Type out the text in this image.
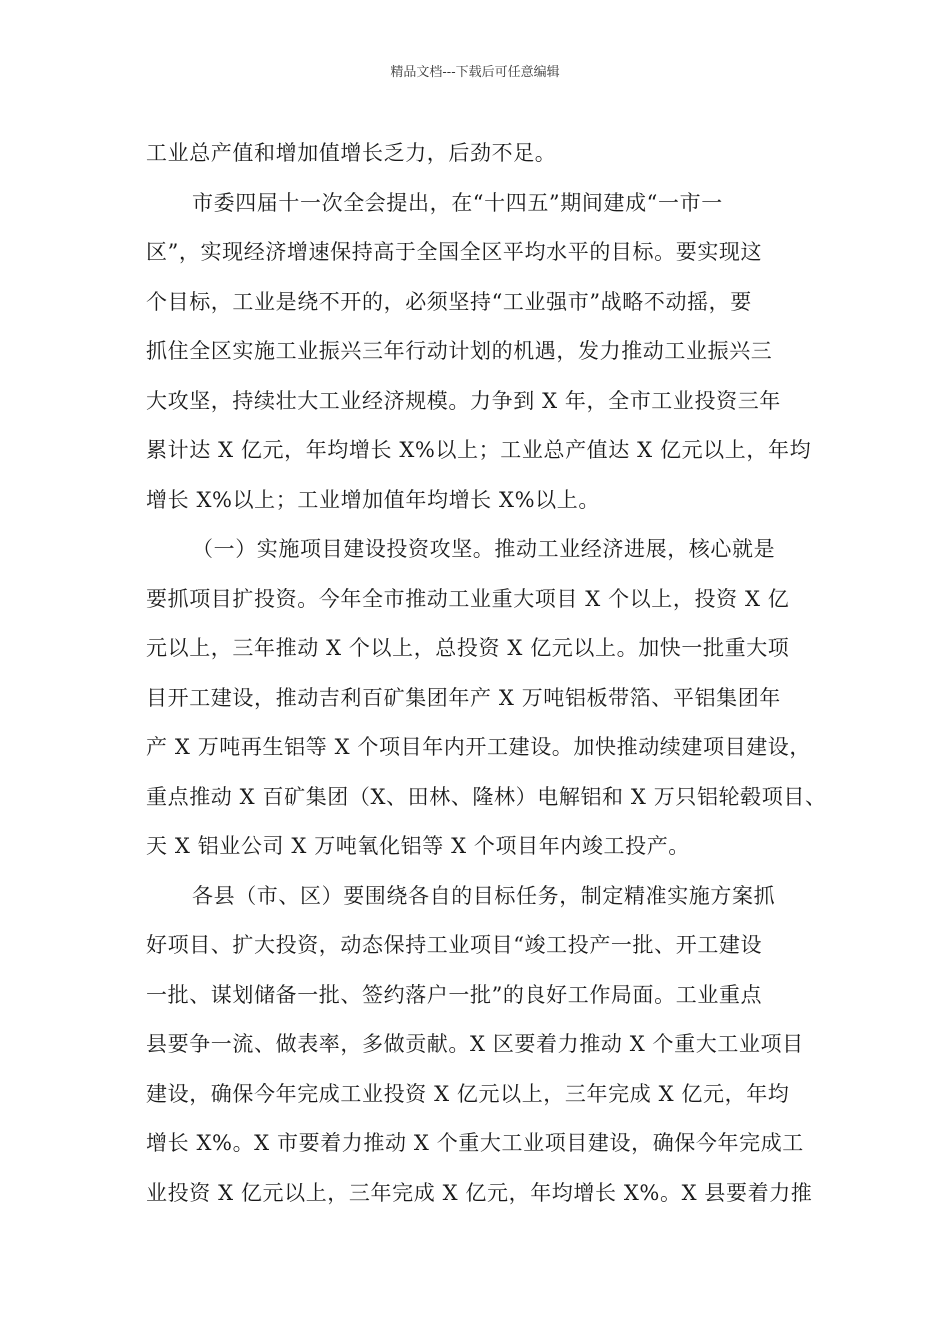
精品文档---下载后可任意编辑
工业总产值和增加值增长乏力，后劲不足。
市委四届十一次全会提出，在“十四五”期间建成“一市一
区”，实现经济增速保持高于全国全区平均水平的目标。要实现这
个目标，工业是绕不开的，必须坚持“工业强市”战略不动摇，要
抓住全区实施工业振兴三年行动计划的机遇，发力推动工业振兴三
大攻坚，持续壮大工业经济规模。力争到 X 年，全市工业投资三年
累计达 X 亿元，年均增长 X%以上；工业总产值达 X 亿元以上，年均
增长 X%以上；工业增加值年均增长 X%以上。
（一）实施项目建设投资攻坚。推动工业经济进展，核心就是
要抓项目扩投资。今年全市推动工业重大项目 X 个以上，投资 X 亿
元以上，三年推动 X 个以上，总投资 X 亿元以上。加快一批重大项
目开工建设，推动吉利百矿集团年产 X 万吨铝板带箔、平铝集团年
产 X 万吨再生铝等 X 个项目年内开工建设。加快推动续建项目建设，
重点推动 X 百矿集团（X、田林、隆林）电解铝和 X 万只铝轮毂项目、
天 X 铝业公司 X 万吨氧化铝等 X 个项目年内竣工投产。
各县（市、区）要围绕各自的目标任务，制定精准实施方案抓
好项目、扩大投资，动态保持工业项目“竣工投产一批、开工建设
一批、谋划储备一批、签约落户一批”的良好工作局面。工业重点
县要争一流、做表率，多做贡献。X 区要着力推动 X 个重大工业项目
建设，确保今年完成工业投资 X 亿元以上，三年完成 X 亿元，年均
增长 X%。X 市要着力推动 X 个重大工业项目建设，确保今年完成工
业投资 X 亿元以上，三年完成 X 亿元，年均增长 X%。X 县要着力推
